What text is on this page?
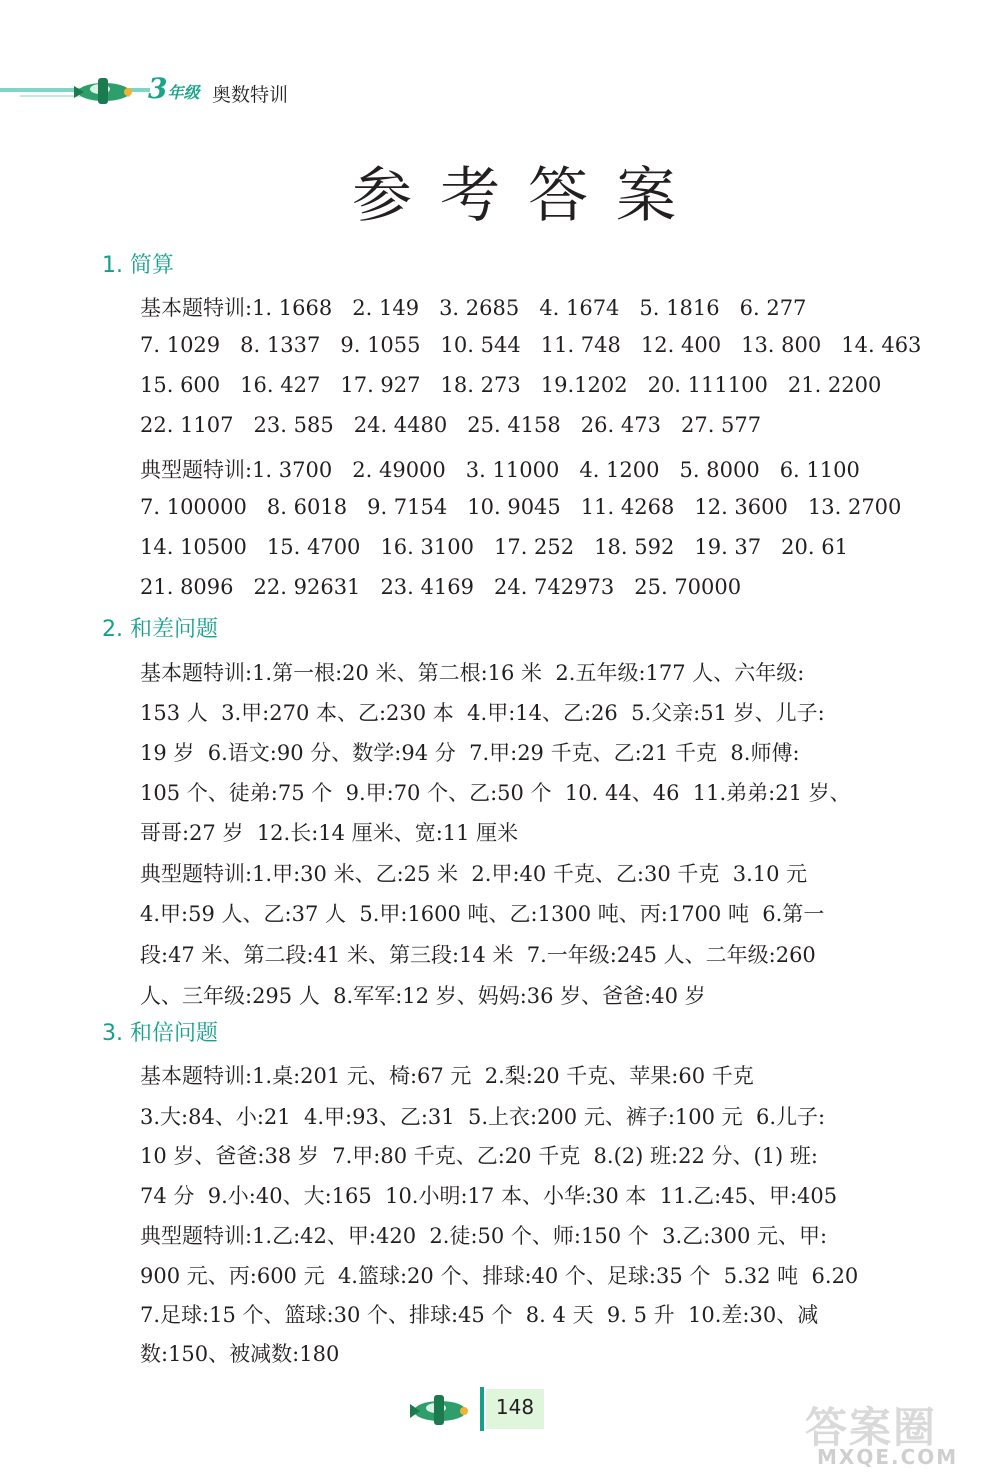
3年级 奥数特训
参考答案
1. 简算
基本题特训:1. 1668   2. 149   3. 2685   4. 1674   5. 1816   6. 277
7. 1029   8. 1337   9. 1055   10. 544   11. 748   12. 400   13. 800   14. 463
15. 600   16. 427   17. 927   18. 273   19.1202   20. 111100   21. 2200
22. 1107   23. 585   24. 4480   25. 4158   26. 473   27. 577
典型题特训:1. 3700   2. 49000   3. 11000   4. 1200   5. 8000   6. 1100
7. 100000   8. 6018   9. 7154   10. 9045   11. 4268   12. 3600   13. 2700
14. 10500   15. 4700   16. 3100   17. 252   18. 592   19. 37   20. 61
21. 8096   22. 92631   23. 4169   24. 742973   25. 70000
2. 和差问题
基本题特训:1.第一根:20 米、第二根:16 米  2.五年级:177 人、六年级:
153 人  3.甲:270 本、乙:230 本  4.甲:14、乙:26  5.父亲:51 岁、儿子:
19 岁  6.语文:90 分、数学:94 分  7.甲:29 千克、乙:21 千克  8.师傅:
105 个、徒弟:75 个  9.甲:70 个、乙:50 个  10. 44、46  11.弟弟:21 岁、
哥哥:27 岁  12.长:14 厘米、宽:11 厘米
典型题特训:1.甲:30 米、乙:25 米  2.甲:40 千克、乙:30 千克  3.10 元
4.甲:59 人、乙:37 人  5.甲:1600 吨、乙:1300 吨、丙:1700 吨  6.第一
段:47 米、第二段:41 米、第三段:14 米  7.一年级:245 人、二年级:260
人、三年级:295 人  8.军军:12 岁、妈妈:36 岁、爸爸:40 岁
3. 和倍问题
基本题特训:1.桌:201 元、椅:67 元  2.梨:20 千克、苹果:60 千克
3.大:84、小:21  4.甲:93、乙:31  5.上衣:200 元、裤子:100 元  6.儿子:
10 岁、爸爸:38 岁  7.甲:80 千克、乙:20 千克  8.(2) 班:22 分、(1) 班:
74 分  9.小:40、大:165  10.小明:17 本、小华:30 本  11.乙:45、甲:405
典型题特训:1.乙:42、甲:420  2.徒:50 个、师:150 个  3.乙:300 元、甲:
900 元、丙:600 元  4.篮球:20 个、排球:40 个、足球:35 个  5.32 吨  6.20
7.足球:15 个、篮球:30 个、排球:45 个  8. 4 天  9. 5 升  10.差:30、减
数:150、被减数:180
148	答案圈
MXQE.COM
